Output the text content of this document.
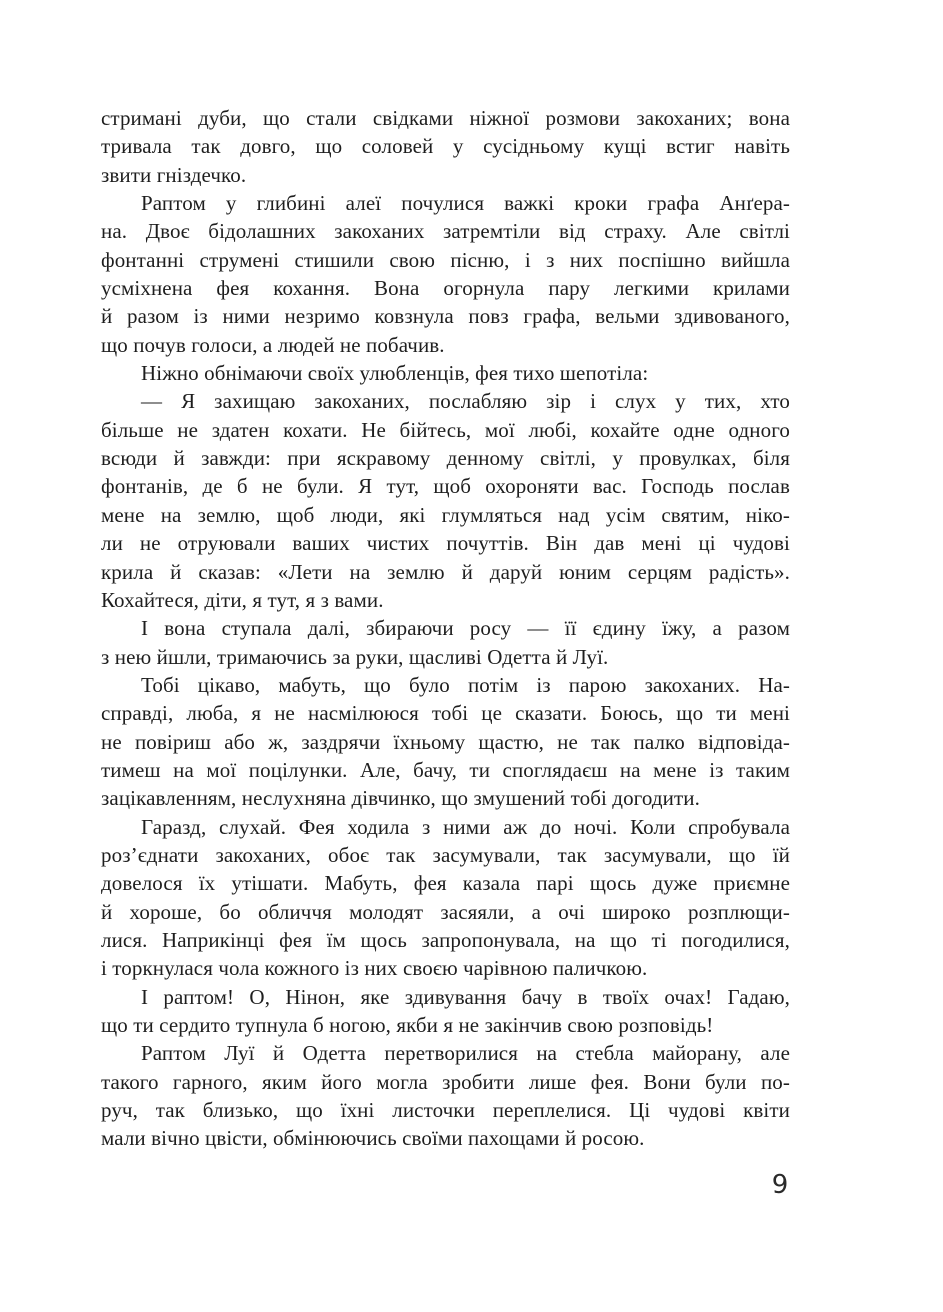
стримані дуби, що стали свідками ніжної розмови закоханих; вона
тривала так довго, що соловей у сусідньому кущі встиг навіть
звити гніздечко.
Раптом у глибині алеї почулися важкі кроки графа Анґера-
на. Двоє бідолашних закоханих затремтіли від страху. Але світлі
фонтанні струмені стишили свою пісню, і з них поспішно вийшла
усміхнена фея кохання. Вона огорнула пару легкими крилами
й разом із ними незримо ковзнула повз графа, вельми здивованого,
що почув голоси, а людей не побачив.
Ніжно обнімаючи своїх улюбленців, фея тихо шепотіла:
— Я захищаю закоханих, послабляю зір і слух у тих, хто
більше не здатен кохати. Не бійтесь, мої любі, кохайте одне одного
всюди й завжди: при яскравому денному світлі, у провулках, біля
фонтанів, де б не були. Я тут, щоб охороняти вас. Господь послав
мене на землю, щоб люди, які глумляться над усім святим, ніко-
ли не отруювали ваших чистих почуттів. Він дав мені ці чудові
крила й сказав: «Лети на землю й даруй юним серцям радість».
Кохайтеся, діти, я тут, я з вами.
І вона ступала далі, збираючи росу — її єдину їжу, а разом
з нею йшли, тримаючись за руки, щасливі Одетта й Луї.
Тобі цікаво, мабуть, що було потім із парою закоханих. На-
справді, люба, я не насмілююся тобі це сказати. Боюсь, що ти мені
не повіриш або ж, заздрячи їхньому щастю, не так палко відповіда-
тимеш на мої поцілунки. Але, бачу, ти споглядаєш на мене із таким
зацікавленням, неслухняна дівчинко, що змушений тобі догодити.
Гаразд, слухай. Фея ходила з ними аж до ночі. Коли спробувала
роз’єднати закоханих, обоє так засумували, так засумували, що їй
довелося їх утішати. Мабуть, фея казала парі щось дуже приємне
й хороше, бо обличчя молодят засяяли, а очі широко розплющи-
лися. Наприкінці фея їм щось запропонувала, на що ті погодилися,
і торкнулася чола кожного із них своєю чарівною паличкою.
І раптом! О, Нінон, яке здивування бачу в твоїх очах! Гадаю,
що ти сердито тупнула б ногою, якби я не закінчив свою розповідь!
Раптом Луї й Одетта перетворилися на стебла майорану, але
такого гарного, яким його могла зробити лише фея. Вони були по-
руч, так близько, що їхні листочки переплелися. Ці чудові квіти
мали вічно цвісти, обмінюючись своїми пахощами й росою.
9
